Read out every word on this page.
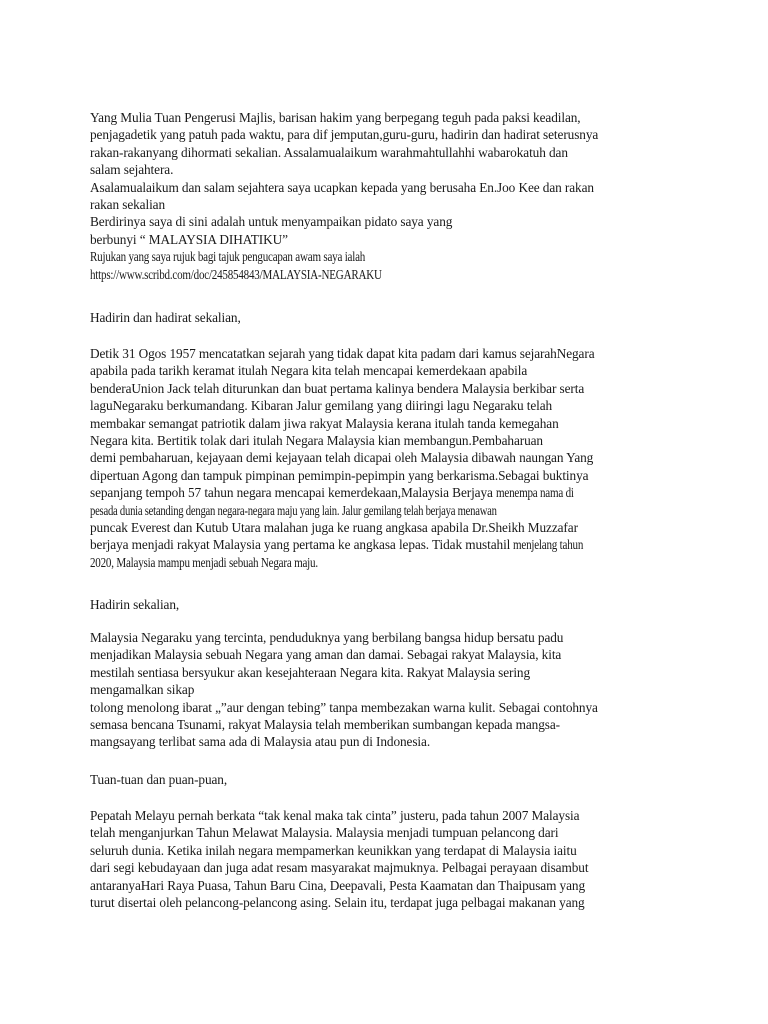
Yang Mulia Tuan Pengerusi Majlis, barisan hakim yang berpegang teguh pada paksi keadilan,
penjagadetik yang patuh pada waktu, para dif jemputan,guru-guru, hadirin dan hadirat seterusnya
rakan-rakanyang dihormati sekalian. Assalamualaikum warahmahtullahhi wabarokatuh dan
salam sejahtera.
Asalamualaikum dan salam sejahtera saya ucapkan kepada yang berusaha En.Joo Kee dan rakan
rakan sekalian
Berdirinya saya di sini adalah untuk menyampaikan pidato saya yang
berbunyi “ MALAYSIA DIHATIKU”
Rujukan yang saya rujuk bagi tajuk pengucapan awam saya ialah
https://www.scribd.com/doc/245854843/MALAYSIA-NEGARAKU
Hadirin dan hadirat sekalian,
Detik 31 Ogos 1957 mencatatkan sejarah yang tidak dapat kita padam dari kamus sejarahNegara
apabila pada tarikh keramat itulah Negara kita telah mencapai kemerdekaan apabila
benderaUnion Jack telah diturunkan dan buat pertama kalinya bendera Malaysia berkibar serta
laguNegaraku berkumandang. Kibaran Jalur gemilang yang diiringi lagu Negaraku telah
membakar semangat patriotik dalam jiwa rakyat Malaysia kerana itulah tanda kemegahan
Negara kita. Bertitik tolak dari itulah Negara Malaysia kian membangun.Pembaharuan
demi pembaharuan, kejayaan demi kejayaan telah dicapai oleh Malaysia dibawah naungan Yang
dipertuan Agong dan tampuk pimpinan pemimpin-pepimpin yang berkarisma.Sebagai buktinya
sepanjang tempoh 57 tahun negara mencapai kemerdekaan,Malaysia Berjaya menempa nama di
pesada dunia setanding dengan negara-negara maju yang lain. Jalur gemilang telah berjaya menawan
puncak Everest dan Kutub Utara malahan juga ke ruang angkasa apabila Dr.Sheikh Muzzafar
berjaya menjadi rakyat Malaysia yang pertama ke angkasa lepas. Tidak mustahil menjelang tahun
2020, Malaysia mampu menjadi sebuah Negara maju.
Hadirin sekalian,
Malaysia Negaraku yang tercinta, penduduknya yang berbilang bangsa hidup bersatu padu
menjadikan Malaysia sebuah Negara yang aman dan damai. Sebagai rakyat Malaysia, kita
mestilah sentiasa bersyukur akan kesejahteraan Negara kita. Rakyat Malaysia sering
mengamalkan sikap
tolong menolong ibarat „”aur dengan tebing” tanpa membezakan warna kulit. Sebagai contohnya
semasa bencana Tsunami, rakyat Malaysia telah memberikan sumbangan kepada mangsa-
mangsayang terlibat sama ada di Malaysia atau pun di Indonesia.
Tuan-tuan dan puan-puan,
Pepatah Melayu pernah berkata “tak kenal maka tak cinta” justeru, pada tahun 2007 Malaysia
telah menganjurkan Tahun Melawat Malaysia. Malaysia menjadi tumpuan pelancong dari
seluruh dunia. Ketika inilah negara mempamerkan keunikkan yang terdapat di Malaysia iaitu
dari segi kebudayaan dan juga adat resam masyarakat majmuknya. Pelbagai perayaan disambut
antaranyaHari Raya Puasa, Tahun Baru Cina, Deepavali, Pesta Kaamatan dan Thaipusam yang
turut disertai oleh pelancong-pelancong asing. Selain itu, terdapat juga pelbagai makanan yang
